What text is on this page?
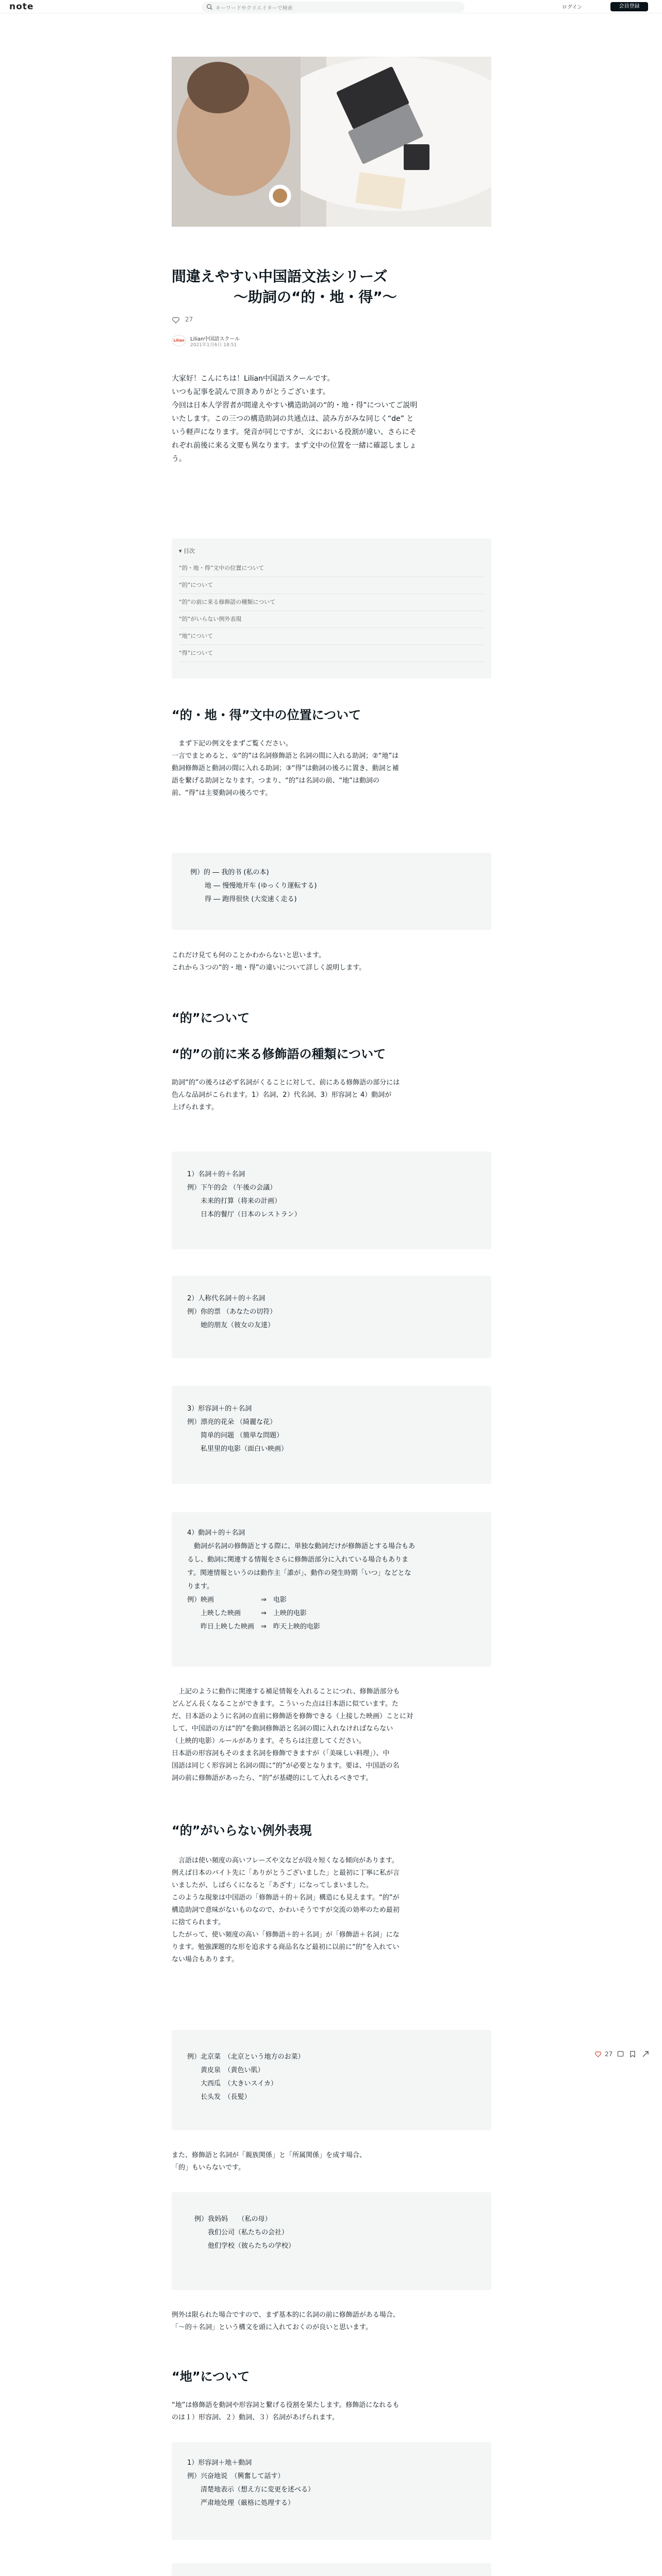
note	キーワードやクリエイターで検索	ログイン	会員登録
間違えやすい中国語文法シリーズ
〜助詞の“的・地・得”〜
27
Lilian	Lilian中国語スクール
2021年1月6日 18:51
大家好！こんにちは！Lilian中国語スクールです。
いつも記事を読んで頂きありがとうございます。
今回は日本人学習者が間違えやすい構造助詞の“的・地・得”についてご説明
いたします。この三つの構造助詞の共通点は、読み方がみな同じく“de” と
いう軽声になります。発音が同じですが、文においる役割が違い、さらにそ
れぞれ前後に来る文要も異なります。まず文中の位置を一緒に確認しましょ
う。
▾ 目次
“的・地・得”文中の位置について
“的”について
“的”の前に来る修飾語の種類について
“的”がいらない例外表現
“地”について
“得”について
“的・地・得”文中の位置について
　まず下記の例文をまずご覧ください。
一言でまとめると、①“的”は名詞修飾語と名詞の間に入れる助詞；②“地”は
動詞修飾語と動詞の間に入れる助詞；③“得”は動詞の後ろに置き、動詞と補
語を繋げる助詞となります。つまり、“的”は名詞の前、“地”は動詞の
前、“得”は主要動詞の後ろです。
例）的 ― 我的书 (私の本)
地 ― 慢慢地开车 (ゆっくり運転する)
得 ― 跑得很快 (大変速く走る)
これだけ見ても何のことかわからないと思います。
これから３つの“的・地・得”の違いについて詳しく説明します。
“的”について
“的”の前に来る修飾語の種類について
助詞“的”の後ろは必ず名詞がくることに対して、前にある修飾語の部分には
色んな品詞がこられます。1）名詞、2）代名詞、3）形容詞と 4）動詞が
上げられます。
1）名詞＋的＋名詞
例）下午的会 （午後の会議）
　　未来的打算（将来の計画）
　　日本的餐厅（日本のレストラン）
2）人称代名詞＋的＋名詞
例）你的票 （あなたの切符）
　　她的朋友（彼女の友達）
3）形容詞＋的＋名詞
例）漂亮的花朵 （綺麗な花）
　　简单的问题 （簡単な問題）
　　私里里的电影（面白い映画）
4）動詞＋的＋名詞
　動詞が名詞の修飾語とする際に、単独な動詞だけが修飾語とする場合もあ
るし、動詞に関連する情報をさらに修飾語部分に入れている場合もありま
す。関連情報というのは動作主「誰が」、動作の発生時期「いつ」などとな
ります。
例）映画　　　　　　　⇒　电影
　　上映した映画　　　⇒　上映的电影
　　昨日上映した映画　⇒　昨天上映的电影
　上記のように動作に関連する補足情報を入れることにつれ、修飾語部分も
どんどん長くなることができます。こういった点は日本語に似ています。た
だ、日本語のように名詞の直前に修飾語を修飾できる（上接した映画）ことに対
して、中国語の方は“的”を動詞修飾語と名詞の間に入れなければならない
（上映的电影）ルールがあります。そちらは注意してください。
日本語の形容詞もそのまま名詞を修飾できますが（「美味しい料理」）、中
国語は同じく形容詞と名詞の間に“的”が必要となります。要は、中国語の名
詞の前に修飾語があったら、“的”が基礎的にして入れるべきです。
“的”がいらない例外表現
　言語は使い頻度の高いフレーズや文などが段々短くなる傾向があります。
例えば日本のバイト先に「ありがとうございました」と最初に丁寧に私が言
いましたが、しばらくになると「あざす」になってしまいました。
このような現象は中国語の「修飾語＋的＋名詞」構造にも見えます。“的”が
構造助詞で意味がないものなので、かわいそうですが交流の効率のため最初
に捨てられます。
したがって、使い頻度の高い「修飾語＋的＋名詞」が「修飾語＋名詞」にな
ります。勉強課題的な形を追求する商品名など最初に以前に“的”を入れてい
ない場合もあります。
例）北京菜　（北京という地方のお菜）
　　黄皮泉　（黄色い肌）
　　大西瓜　（大きいスイカ）
　　长头发　（長髪）
また、修飾語と名詞が「親族関係」と「所属関係」を成す場合、
「的」もいらないです。
例）我妈妈　　（私の母）
　　我们公司（私たちの会社）
　　他们学校（彼らたちの学校）
例外は限られた場合ですので、まず基本的に名詞の前に修飾語がある場合、
「〜的＋名詞」という構文を頭に入れておくのが良いと思います。
“地”について
“地”は修飾語を動詞や形容詞と繋げる役割を果たします。修飾語になれるも
のは１）形容詞、２）動詞、３）名詞があげられます。
1）形容詞＋地＋動詞
例）兴奋地说　（興奮して話す）
　　清楚地表示（想え方に変更を述べる）
　　严肃地处理（厳格に処理する）
27
